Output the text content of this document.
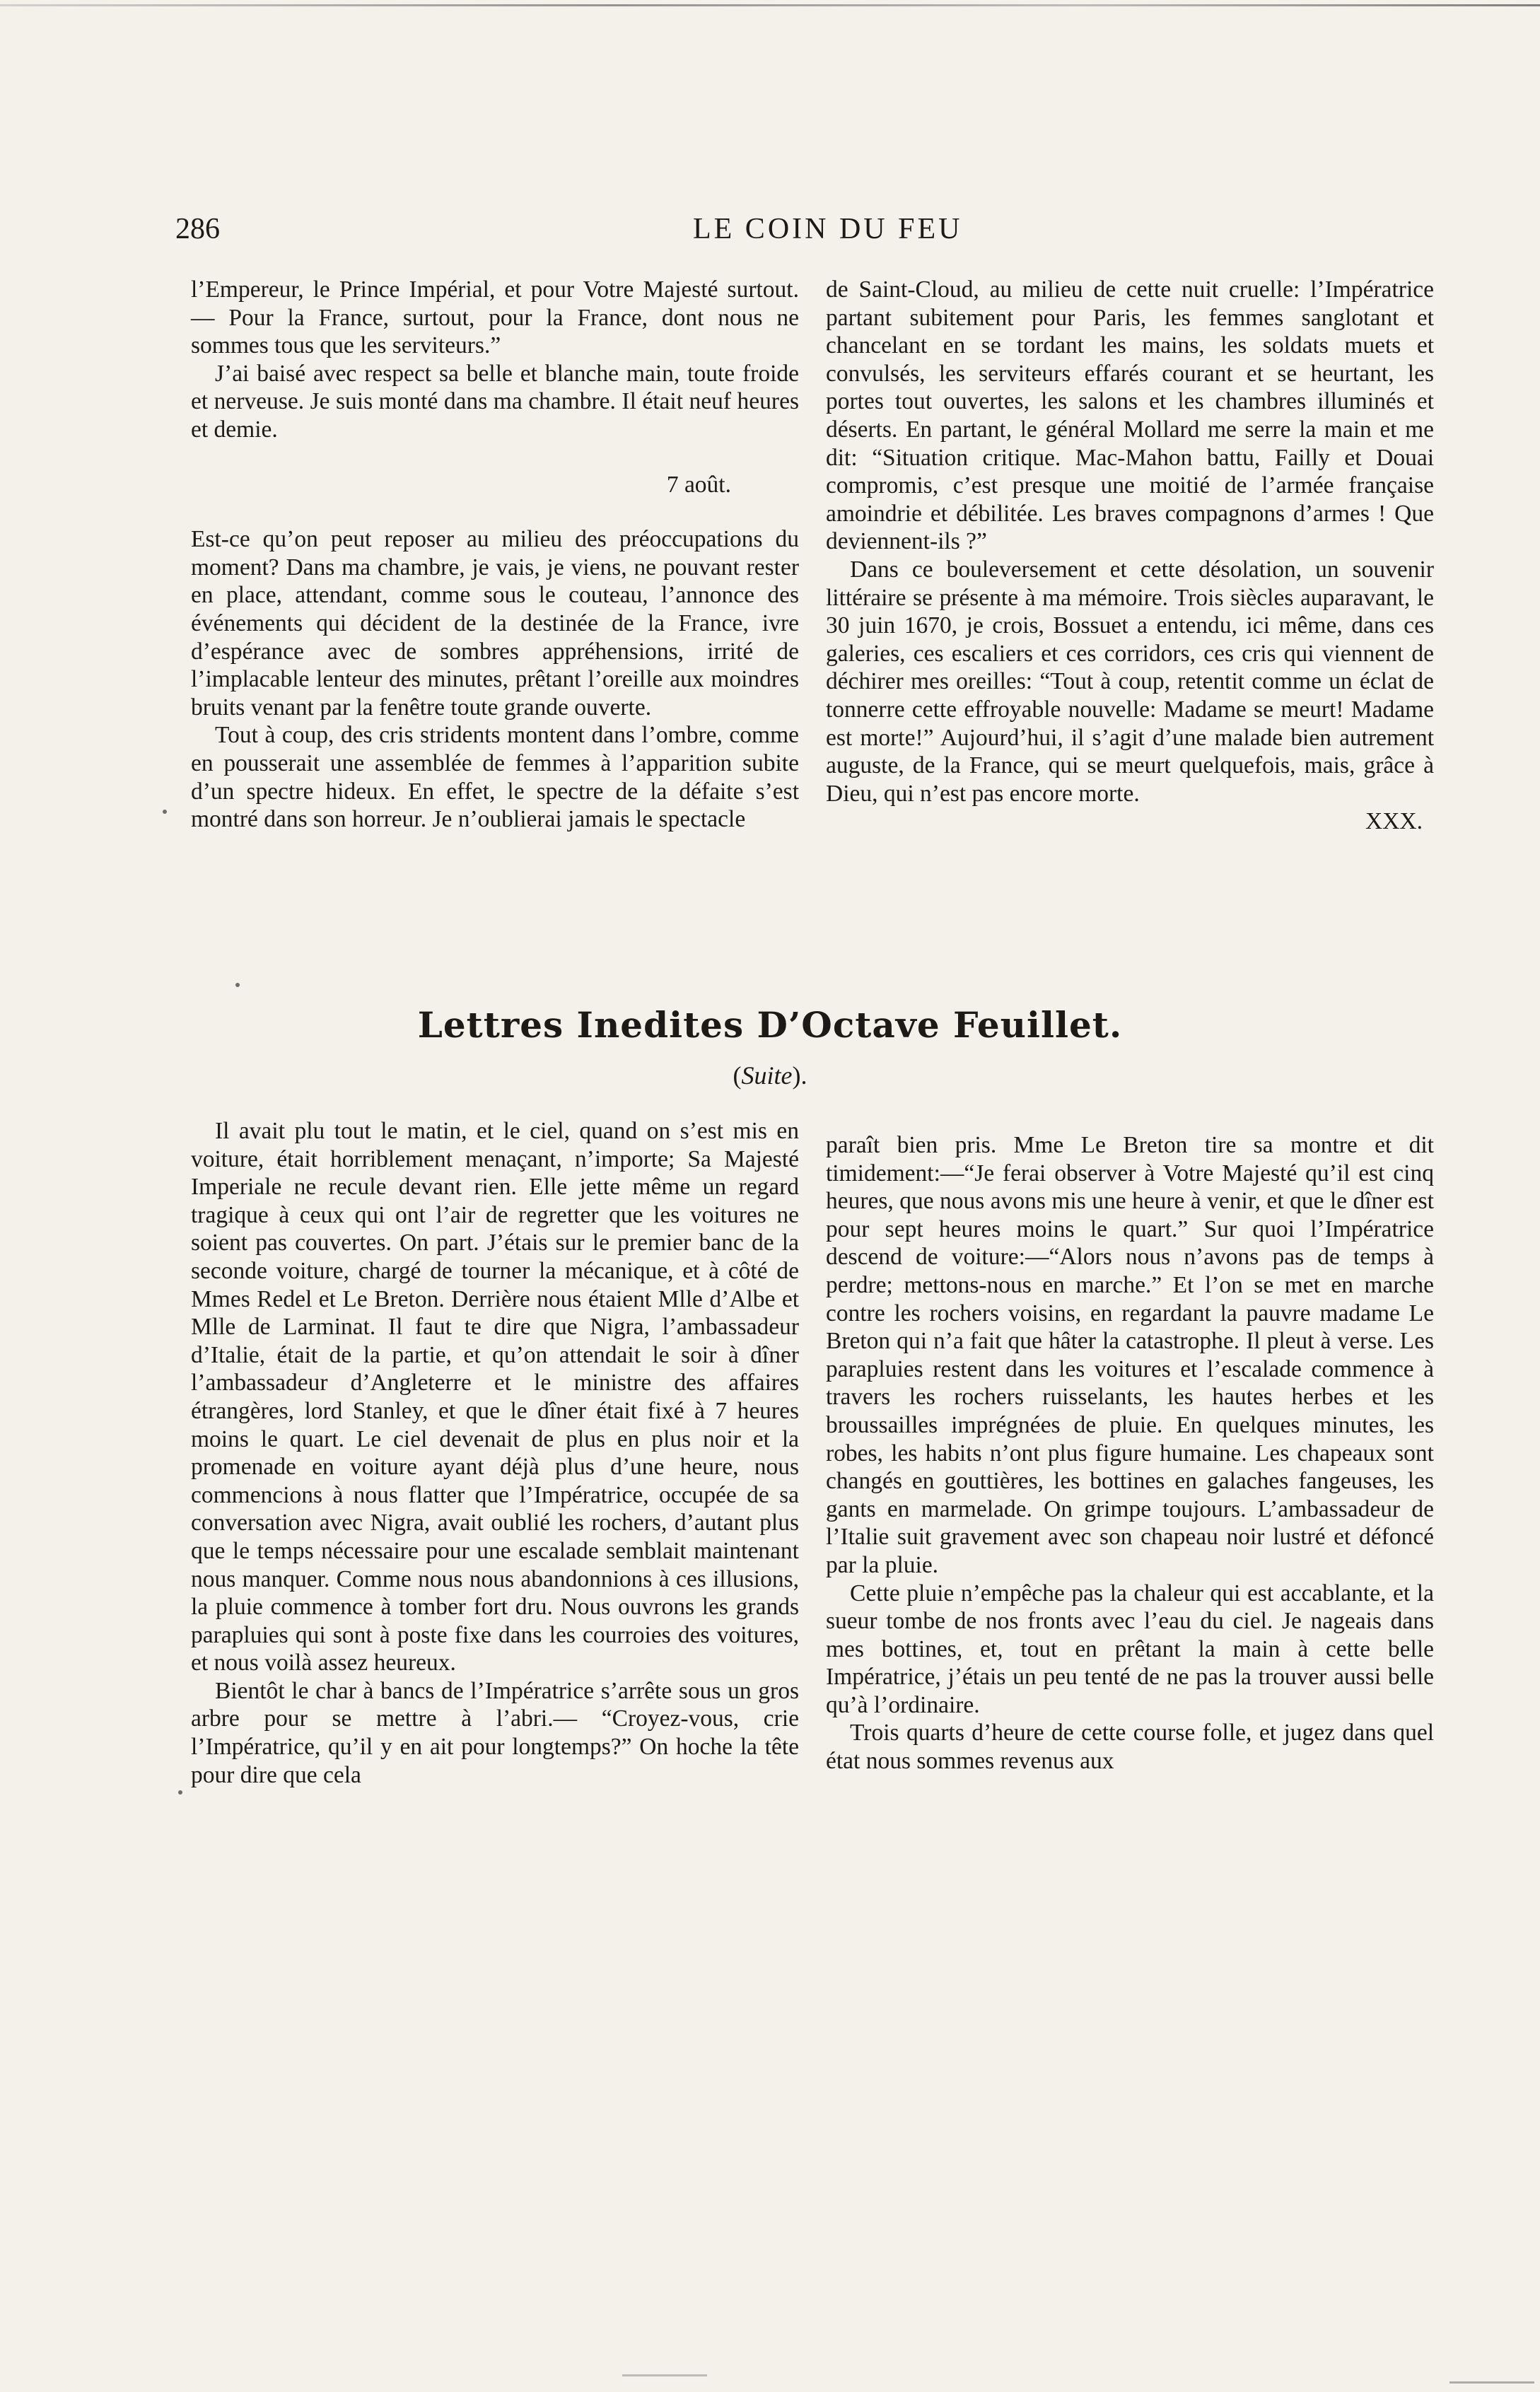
286	LE COIN DU FEU

l’Empereur, le Prince Impérial, et pour Votre Majesté surtout. — Pour la France, surtout, pour la France, dont nous ne sommes tous que les serviteurs.”

J’ai baisé avec respect sa belle et blanche main, toute froide et nerveuse. Je suis monté dans ma chambre. Il était neuf heures et demie.

7 août.

Est-ce qu’on peut reposer au milieu des préoccupations du moment? Dans ma chambre, je vais, je viens, ne pouvant rester en place, attendant, comme sous le couteau, l’annonce des événements qui décident de la destinée de la France, ivre d’espérance avec de sombres appréhensions, irrité de l’implacable lenteur des minutes, prêtant l’oreille aux moindres bruits venant par la fenêtre toute grande ouverte.

Tout à coup, des cris stridents montent dans l’ombre, comme en pousserait une assemblée de femmes à l’apparition subite d’un spectre hideux. En effet, le spectre de la défaite s’est montré dans son horreur. Je n’oublierai jamais le spectacle

de Saint-Cloud, au milieu de cette nuit cruelle: l’Impératrice partant subitement pour Paris, les femmes sanglotant et chancelant en se tordant les mains, les soldats muets et convulsés, les serviteurs effarés courant et se heurtant, les portes tout ouvertes, les salons et les chambres illuminés et déserts. En partant, le général Mollard me serre la main et me dit: “Situation critique. Mac-Mahon battu, Failly et Douai compromis, c’est presque une moitié de l’armée française amoindrie et débilitée. Les braves compagnons d’armes ! Que deviennent-ils ?”

Dans ce bouleversement et cette désolation, un souvenir littéraire se présente à ma mémoire. Trois siècles auparavant, le 30 juin 1670, je crois, Bossuet a entendu, ici même, dans ces galeries, ces escaliers et ces corridors, ces cris qui viennent de déchirer mes oreilles: “Tout à coup, retentit comme un éclat de tonnerre cette effroyable nouvelle: Madame se meurt! Madame est morte!” Aujourd’hui, il s’agit d’une malade bien autrement auguste, de la France, qui se meurt quelquefois, mais, grâce à Dieu, qui n’est pas encore morte.

XXX.

Lettres Inedites D’Octave Feuillet.
(Suite).

Il avait plu tout le matin, et le ciel, quand on s’est mis en voiture, était horriblement menaçant, n’importe; Sa Majesté Imperiale ne recule devant rien. Elle jette même un regard tragique à ceux qui ont l’air de regretter que les voitures ne soient pas couvertes. On part. J’étais sur le premier banc de la seconde voiture, chargé de tourner la mécanique, et à côté de Mmes Redel et Le Breton. Derrière nous étaient Mlle d’Albe et Mlle de Larminat. Il faut te dire que Nigra, l’ambassadeur d’Italie, était de la partie, et qu’on attendait le soir à dîner l’ambassadeur d’Angleterre et le ministre des affaires étrangères, lord Stanley, et que le dîner était fixé à 7 heures moins le quart. Le ciel devenait de plus en plus noir et la promenade en voiture ayant déjà plus d’une heure, nous commencions à nous flatter que l’Impératrice, occupée de sa conversation avec Nigra, avait oublié les rochers, d’autant plus que le temps nécessaire pour une escalade semblait maintenant nous manquer. Comme nous nous abandonnions à ces illusions, la pluie commence à tomber fort dru. Nous ouvrons les grands parapluies qui sont à poste fixe dans les courroies des voitures, et nous voilà assez heureux.

Bientôt le char à bancs de l’Impératrice s’arrête sous un gros arbre pour se mettre à l’abri.— “Croyez-vous, crie l’Impératrice, qu’il y en ait pour longtemps?” On hoche la tête pour dire que cela

paraît bien pris. Mme Le Breton tire sa montre et dit timidement:—“Je ferai observer à Votre Majesté qu’il est cinq heures, que nous avons mis une heure à venir, et que le dîner est pour sept heures moins le quart.” Sur quoi l’Impératrice descend de voiture:—“Alors nous n’avons pas de temps à perdre; mettons-nous en marche.” Et l’on se met en marche contre les rochers voisins, en regardant la pauvre madame Le Breton qui n’a fait que hâter la catastrophe. Il pleut à verse. Les parapluies restent dans les voitures et l’escalade commence à travers les rochers ruisselants, les hautes herbes et les broussailles imprégnées de pluie. En quelques minutes, les robes, les habits n’ont plus figure humaine. Les chapeaux sont changés en gouttières, les bottines en galaches fangeuses, les gants en marmelade. On grimpe toujours. L’ambassadeur de l’Italie suit gravement avec son chapeau noir lustré et défoncé par la pluie.

Cette pluie n’empêche pas la chaleur qui est accablante, et la sueur tombe de nos fronts avec l’eau du ciel. Je nageais dans mes bottines, et, tout en prêtant la main à cette belle Impératrice, j’étais un peu tenté de ne pas la trouver aussi belle qu’à l’ordinaire.

Trois quarts d’heure de cette course folle, et jugez dans quel état nous sommes revenus aux
